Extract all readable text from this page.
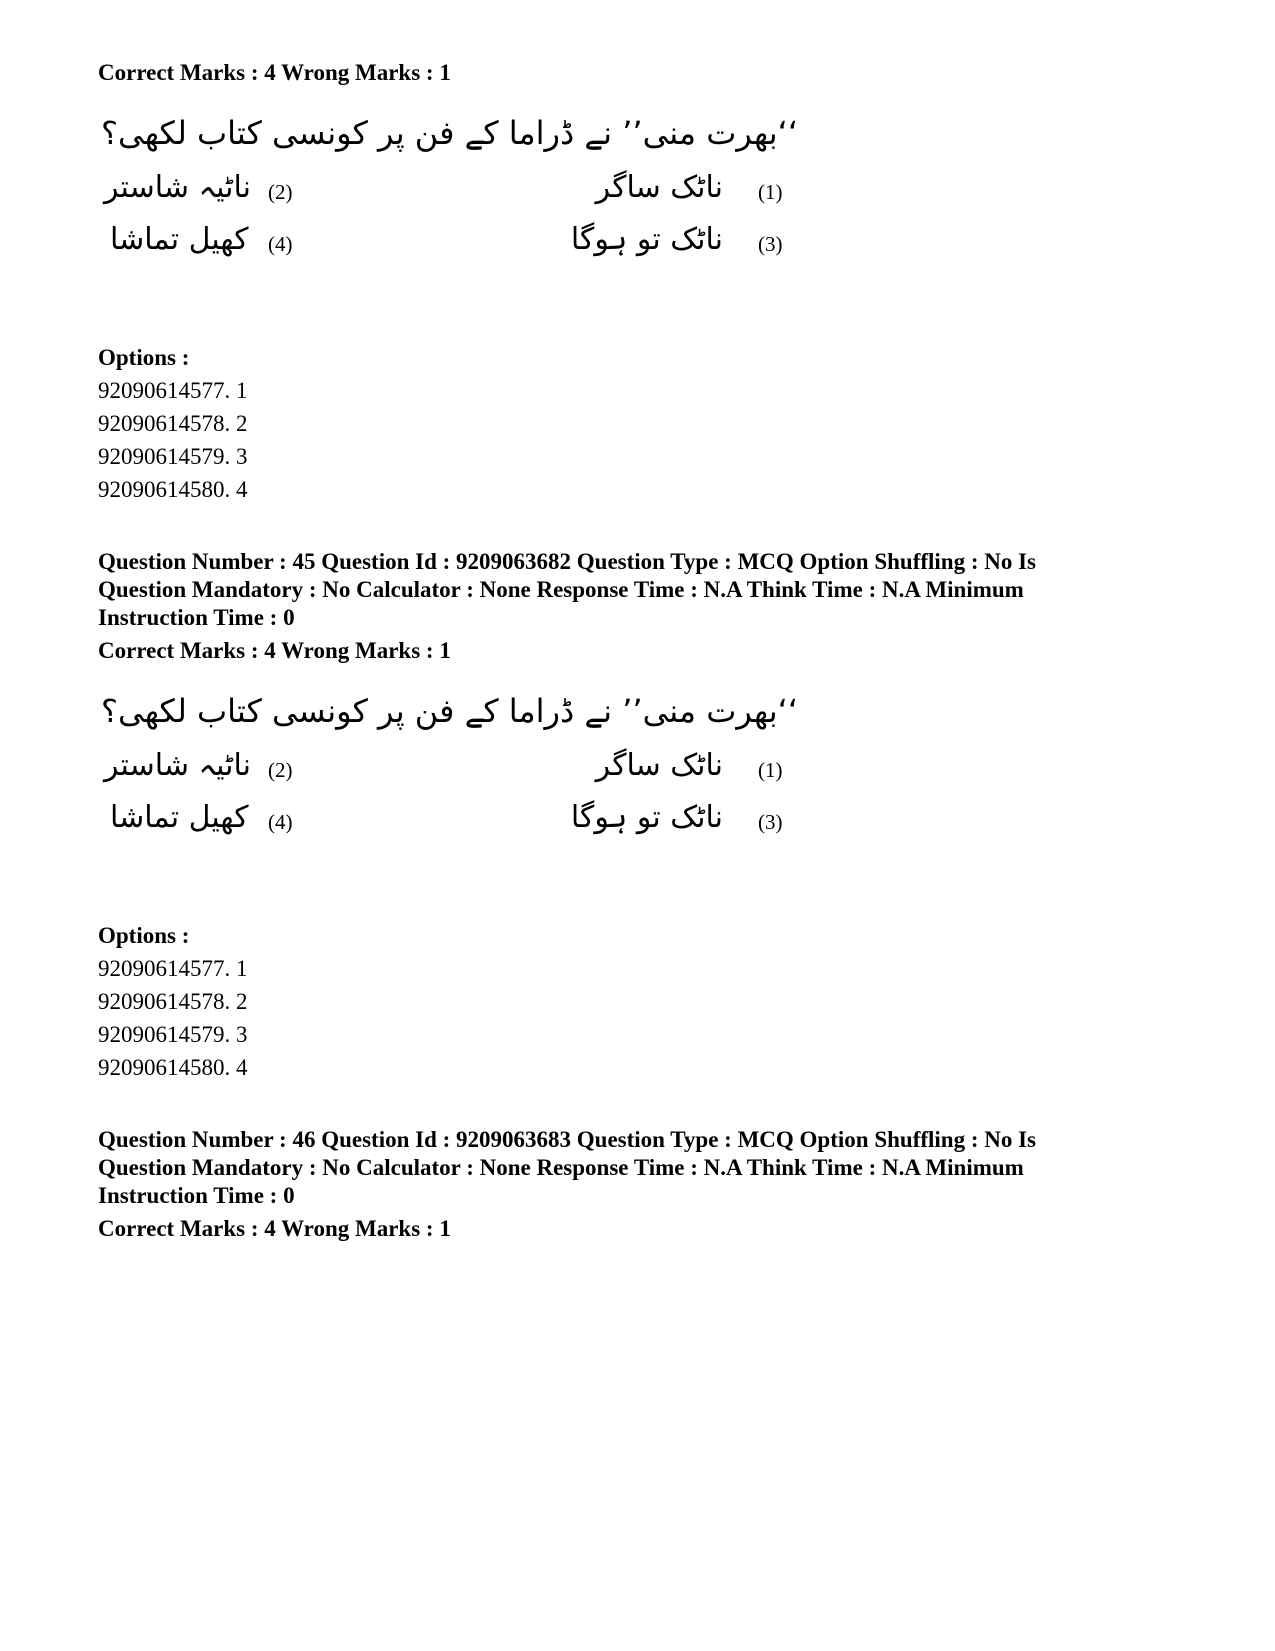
Correct Marks : 4 Wrong Marks : 1

‘‘بھرت منی’’ نے ڈراما کے فن پر کونسی کتاب لکھی؟
ناٹک ساگر (1)
ناٹیہ شاستر (2)
ناٹک تو ہوگا (3)
کھیل تماشا (4)
Options :
92090614577. 1
92090614578. 2
92090614579. 3
92090614580. 4
Question Number : 45 Question Id : 9209063682 Question Type : MCQ Option Shuffling : No Is
Question Mandatory : No Calculator : None Response Time : N.A Think Time : N.A Minimum
Instruction Time : 0

Correct Marks : 4 Wrong Marks : 1

‘‘بھرت منی’’ نے ڈراما کے فن پر کونسی کتاب لکھی؟
ناٹک ساگر (1)
ناٹیہ شاستر (2)
ناٹک تو ہوگا (3)
کھیل تماشا (4)
Options :
92090614577. 1
92090614578. 2
92090614579. 3
92090614580. 4
Question Number : 46 Question Id : 9209063683 Question Type : MCQ Option Shuffling : No Is
Question Mandatory : No Calculator : None Response Time : N.A Think Time : N.A Minimum
Instruction Time : 0

Correct Marks : 4 Wrong Marks : 1
